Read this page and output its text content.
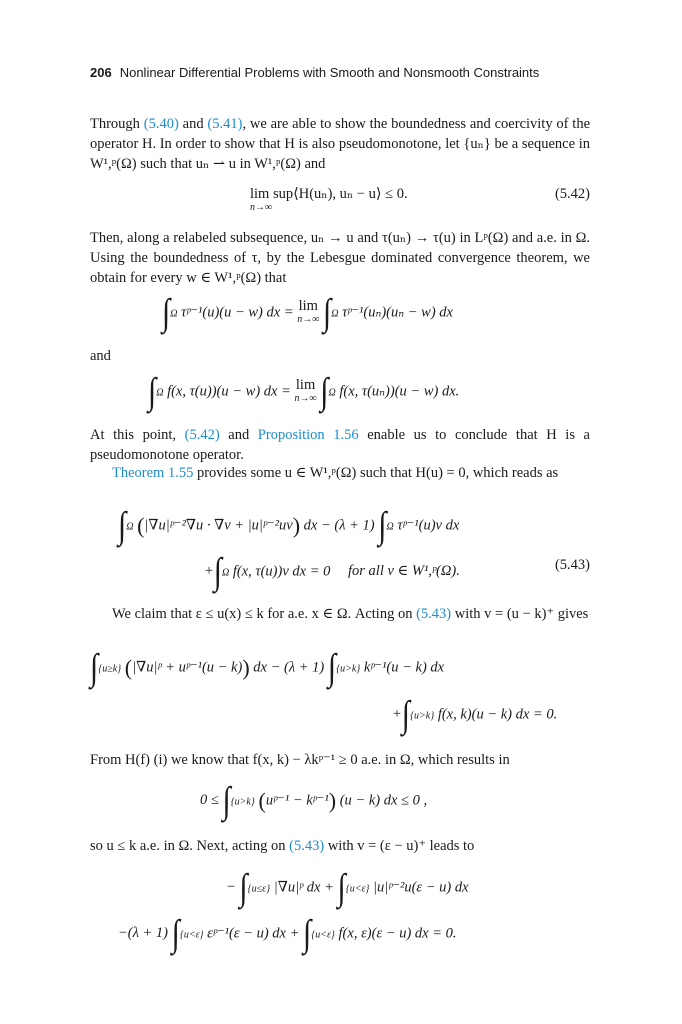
206 Nonlinear Differential Problems with Smooth and Nonsmooth Constraints

Through (5.40) and (5.41), we are able to show the boundedness and coercivity of the operator H. In order to show that H is also pseudomonotone, let {uₙ} be a sequence in W¹,ᵖ(Ω) such that uₙ ⇀ u in W¹,ᵖ(Ω) and

lim sup⟨H(uₙ), uₙ − u⟩ ≤ 0.
n→∞
(5.42)

Then, along a relabeled subsequence, uₙ → u and τ(uₙ) → τ(u) in Lᵖ(Ω) and a.e. in Ω. Using the boundedness of τ, by the Lebesgue dominated convergence theorem, we obtain for every w ∈ W¹,ᵖ(Ω) that

∫Ω τᵖ⁻¹(u)(u − w) dx = lim
n→∞ ∫Ω τᵖ⁻¹(uₙ)(uₙ − w) dx

and

∫Ω f(x, τ(u))(u − w) dx = lim
n→∞ ∫Ω f(x, τ(uₙ))(u − w) dx.

At this point, (5.42) and Proposition 1.56 enable us to conclude that H is a pseudomonotone operator.

Theorem 1.55 provides some u ∈ W¹,ᵖ(Ω) such that H(u) = 0, which reads as

∫Ω (|∇u|ᵖ⁻²∇u · ∇v + |u|ᵖ⁻²uv) dx − (λ + 1) ∫Ω τᵖ⁻¹(u)v dx
+∫Ω f(x, τ(u))v dx = 0 for all v ∈ W¹,ᵖ(Ω).	(5.43)

We claim that ε ≤ u(x) ≤ k for a.e. x ∈ Ω. Acting on (5.43) with v = (u − k)⁺ gives

∫{u≥k} (|∇u|ᵖ + uᵖ⁻¹(u − k)) dx − (λ + 1) ∫{u>k} kᵖ⁻¹(u − k) dx
+∫{u>k} f(x, k)(u − k) dx = 0.

From H(f) (i) we know that f(x, k) − λkᵖ⁻¹ ≥ 0 a.e. in Ω, which results in

0 ≤ ∫{u>k} (uᵖ⁻¹ − kᵖ⁻¹) (u − k) dx ≤ 0 ,

so u ≤ k a.e. in Ω. Next, acting on (5.43) with v = (ε − u)⁺ leads to

− ∫{u≤ε} |∇u|ᵖ dx + ∫{u<ε} |u|ᵖ⁻²u(ε − u) dx
−(λ + 1) ∫{u<ε} εᵖ⁻¹(ε − u) dx + ∫{u<ε} f(x, ε)(ε − u) dx = 0.
